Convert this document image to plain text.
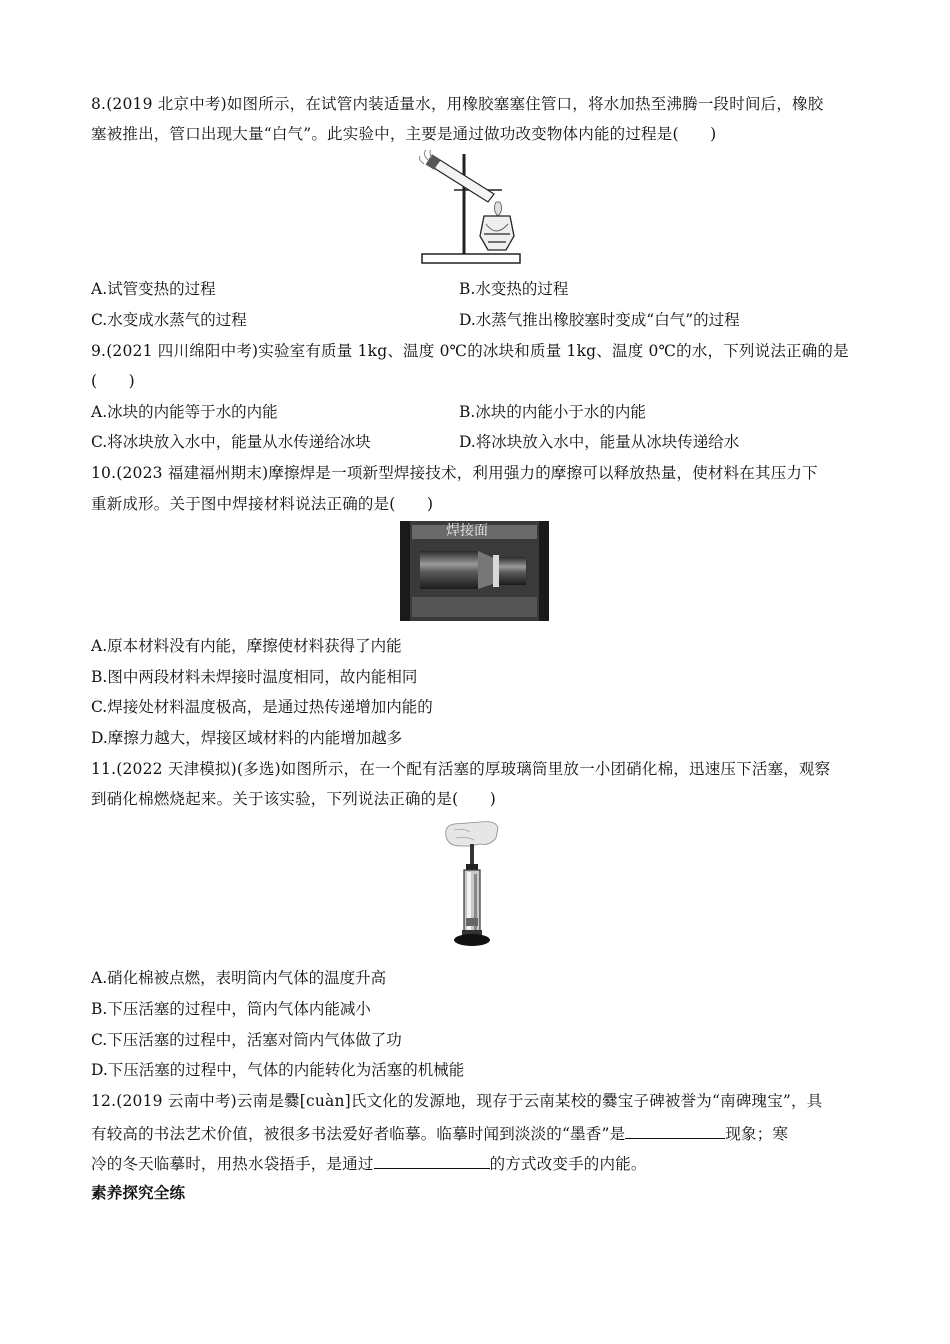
8.(2019 北京中考)如图所示，在试管内装适量水，用橡胶塞塞住管口，将水加热至沸腾一段时间后，橡胶
塞被推出，管口出现大量“白气”。此实验中，主要是通过做功改变物体内能的过程是(　　)
A.试管变热的过程	B.水变热的过程
C.水变成水蒸气的过程	D.水蒸气推出橡胶塞时变成“白气”的过程
9.(2021 四川绵阳中考)实验室有质量 1kg、温度 0℃的冰块和质量 1kg、温度 0℃的水，下列说法正确的是
(　　)
A.冰块的内能等于水的内能	B.冰块的内能小于水的内能
C.将冰块放入水中，能量从水传递给冰块	D.将冰块放入水中，能量从冰块传递给水
10.(2023 福建福州期末)摩擦焊是一项新型焊接技术，利用强力的摩擦可以释放热量，使材料在其压力下
重新成形。关于图中焊接材料说法正确的是(　　)
焊接面
A.原本材料没有内能，摩擦使材料获得了内能
B.图中两段材料未焊接时温度相同，故内能相同
C.焊接处材料温度极高，是通过热传递增加内能的
D.摩擦力越大，焊接区域材料的内能增加越多
11.(2022 天津模拟)(多选)如图所示，在一个配有活塞的厚玻璃筒里放一小团硝化棉，迅速压下活塞，观察
到硝化棉燃烧起来。关于该实验，下列说法正确的是(　　)
A.硝化棉被点燃，表明筒内气体的温度升高
B.下压活塞的过程中，筒内气体内能减小
C.下压活塞的过程中，活塞对筒内气体做了功
D.下压活塞的过程中，气体的内能转化为活塞的机械能
12.(2019 云南中考)云南是爨[cuàn]氏文化的发源地，现存于云南某校的爨宝子碑被誉为“南碑瑰宝”，具
有较高的书法艺术价值，被很多书法爱好者临摹。临摹时闻到淡淡的“墨香”是	现象；寒
冷的冬天临摹时，用热水袋捂手，是通过	的方式改变手的内能。
素养探究全练
